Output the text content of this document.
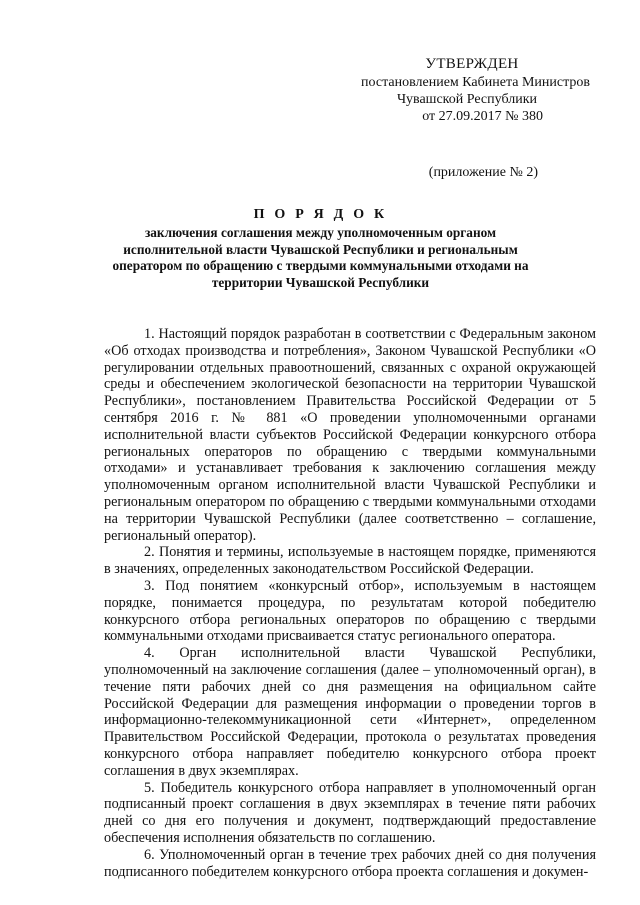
УТВЕРЖДЕН
постановлением Кабинета Министров
Чувашской Республики
от 27.09.2017 № 380
(приложение № 2)
П О Р Я Д О К
заключения соглашения между уполномоченным органом исполнительной власти Чувашской Республики и региональным оператором по обращению с твердыми коммунальными отходами на территории Чувашской Республики

1. Настоящий порядок разработан в соответствии с Федеральным законом «Об отходах производства и потребления», Законом Чувашской Республики «О регулировании отдельных правоотношений, связанных с охраной окружающей среды и обеспечением экологической безопасности на территории Чувашской Республики», постановлением Правительства Российской Федерации от 5 сентября 2016 г. № 881 «О проведении уполномоченными органами исполнительной власти субъектов Российской Федерации конкурсного отбора региональных операторов по обращению с твердыми коммунальными отходами» и устанавливает требования к заключению соглашения между уполномоченным органом исполнительной власти Чувашской Республики и региональным оператором по обращению с твердыми коммунальными отходами на территории Чувашской Республики (далее соответственно – соглашение, региональный оператор).

2. Понятия и термины, используемые в настоящем порядке, применяются в значениях, определенных законодательством Российской Федерации.

3. Под понятием «конкурсный отбор», используемым в настоящем порядке, понимается процедура, по результатам которой победителю конкурсного отбора региональных операторов по обращению с твердыми коммунальными отходами присваивается статус регионального оператора.

4. Орган исполнительной власти Чувашской Республики, уполномоченный на заключение соглашения (далее – уполномоченный орган), в течение пяти рабочих дней со дня размещения на официальном сайте Российской Федерации для размещения информации о проведении торгов в информационно-телекоммуникационной сети «Интернет», определенном Правительством Российской Федерации, протокола о результатах проведения конкурсного отбора направляет победителю конкурсного отбора проект соглашения в двух экземплярах.

5. Победитель конкурсного отбора направляет в уполномоченный орган подписанный проект соглашения в двух экземплярах в течение пяти рабочих дней со дня его получения и документ, подтверждающий предоставление обеспечения исполнения обязательств по соглашению.

6. Уполномоченный орган в течение трех рабочих дней со дня получения подписанного победителем конкурсного отбора проекта соглашения и докумен-
